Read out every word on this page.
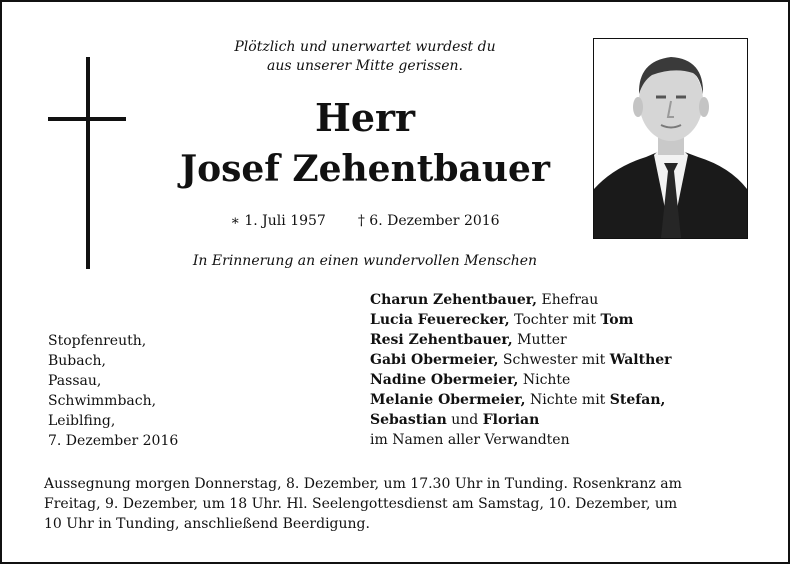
Plötzlich und unerwartet wurdest du
aus unserer Mitte gerissen.
Herr
Josef Zehentbauer
∗ 1. Juli 1957 † 6. Dezember 2016
In Erinnerung an einen wundervollen Menschen
Stopfenreuth,
Bubach,
Passau,
Schwimmbach,
Leiblfing,
7. Dezember 2016
Charun Zehentbauer, Ehefrau
Lucia Feuerecker, Tochter mit Tom
Resi Zehentbauer, Mutter
Gabi Obermeier, Schwester mit Walther
Nadine Obermeier, Nichte
Melanie Obermeier, Nichte mit Stefan,
Sebastian und Florian
im Namen aller Verwandten
Aussegnung morgen Donnerstag, 8. Dezember, um 17.30 Uhr in Tunding. Rosenkranz am
Freitag, 9. Dezember, um 18 Uhr. Hl. Seelengottesdienst am Samstag, 10. Dezember, um
10 Uhr in Tunding, anschließend Beerdigung.
